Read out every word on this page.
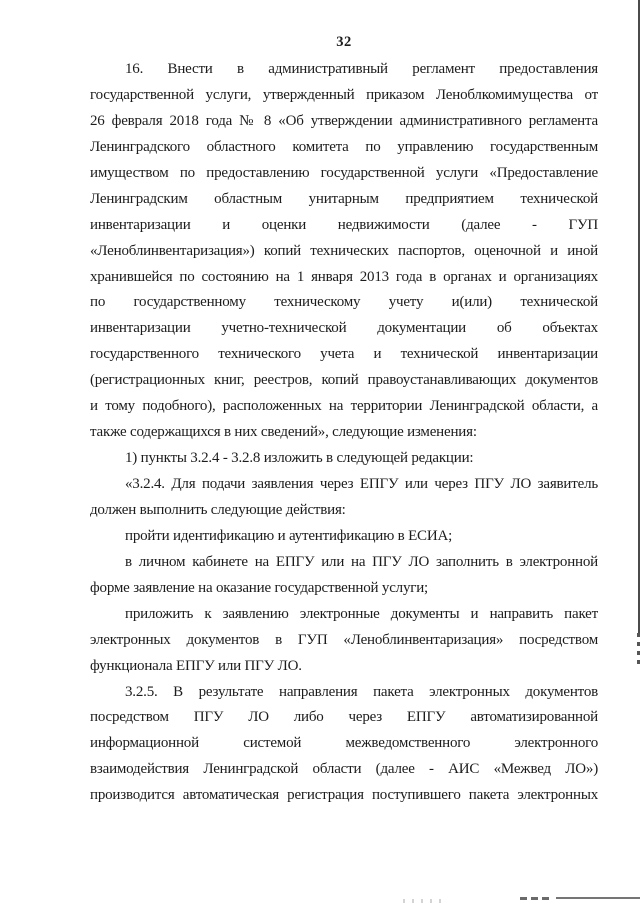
32
16. Внести в административный регламент предоставления
государственной услуги, утвержденный приказом Леноблкомимущества от
26 февраля 2018 года № 8 «Об утверждении административного регламента
Ленинградского областного комитета по управлению государственным
имуществом по предоставлению государственной услуги «Предоставление
Ленинградским областным унитарным предприятием технической
инвентаризации и оценки недвижимости (далее - ГУП
«Леноблинвентаризация») копий технических паспортов, оценочной и иной
хранившейся по состоянию на 1 января 2013 года в органах и организациях
по государственному техническому учету и(или) технической
инвентаризации учетно-технической документации об объектах
государственного технического учета и технической инвентаризации
(регистрационных книг, реестров, копий правоустанавливающих документов
и тому подобного), расположенных на территории Ленинградской области, а
также содержащихся в них сведений», следующие изменения:
1) пункты 3.2.4 - 3.2.8 изложить в следующей редакции:
«3.2.4. Для подачи заявления через ЕПГУ или через ПГУ ЛО заявитель
должен выполнить следующие действия:
пройти идентификацию и аутентификацию в ЕСИА;
в личном кабинете на ЕПГУ или на ПГУ ЛО заполнить в электронной
форме заявление на оказание государственной услуги;
приложить к заявлению электронные документы и направить пакет
электронных документов в ГУП «Леноблинвентаризация» посредством
функционала ЕПГУ или ПГУ ЛО.
3.2.5. В результате направления пакета электронных документов
посредством ПГУ ЛО либо через ЕПГУ автоматизированной
информационной системой межведомственного электронного
взаимодействия Ленинградской области (далее - АИС «Межвед ЛО»)
производится автоматическая регистрация поступившего пакета электронных
